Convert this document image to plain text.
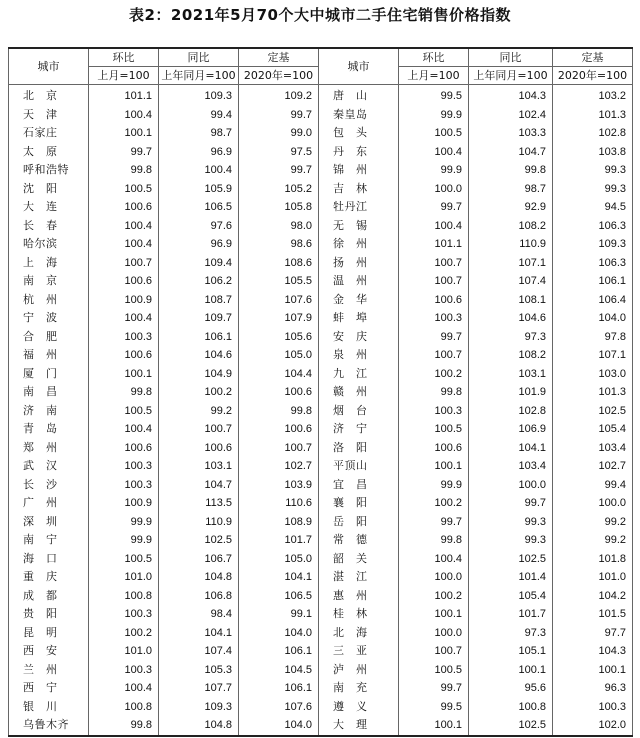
表2：2021年5月70个大中城市二手住宅销售价格指数
城市	环比	同比	定基	城市	环比	同比	定基
	上月=100	上年同月=100	2020年=100		上月=100	上年同月=100	2020年=100
北　京	101.1	109.3	109.2	唐　山	99.5	104.3	103.2
天　津	100.4	99.4	99.7	秦皇岛	99.9	102.4	101.3
石家庄	100.1	98.7	99.0	包　头	100.5	103.3	102.8
太　原	99.7	96.9	97.5	丹　东	100.4	104.7	103.8
呼和浩特	99.8	100.4	99.7	锦　州	99.9	99.8	99.3
沈　阳	100.5	105.9	105.2	吉　林	100.0	98.7	99.3
大　连	100.6	106.5	105.8	牡丹江	99.7	92.9	94.5
长　春	100.4	97.6	98.0	无　锡	100.4	108.2	106.3
哈尔滨	100.4	96.9	98.6	徐　州	101.1	110.9	109.3
上　海	100.7	109.4	108.6	扬　州	100.7	107.1	106.3
南　京	100.6	106.2	105.5	温　州	100.7	107.4	106.1
杭　州	100.9	108.7	107.6	金　华	100.6	108.1	106.4
宁　波	100.4	109.7	107.9	蚌　埠	100.3	104.6	104.0
合　肥	100.3	106.1	105.6	安　庆	99.7	97.3	97.8
福　州	100.6	104.6	105.0	泉　州	100.7	108.2	107.1
厦　门	100.1	104.9	104.4	九　江	100.2	103.1	103.0
南　昌	99.8	100.2	100.6	赣　州	99.8	101.9	101.3
济　南	100.5	99.2	99.8	烟　台	100.3	102.8	102.5
青　岛	100.4	100.7	100.6	济　宁	100.5	106.9	105.4
郑　州	100.6	100.6	100.7	洛　阳	100.6	104.1	103.4
武　汉	100.3	103.1	102.7	平顶山	100.1	103.4	102.7
长　沙	100.3	104.7	103.9	宜　昌	99.9	100.0	99.4
广　州	100.9	113.5	110.6	襄　阳	100.2	99.7	100.0
深　圳	99.9	110.9	108.9	岳　阳	99.7	99.3	99.2
南　宁	99.9	102.5	101.7	常　德	99.8	99.3	99.2
海　口	100.5	106.7	105.0	韶　关	100.4	102.5	101.8
重　庆	101.0	104.8	104.1	湛　江	100.0	101.4	101.0
成　都	100.8	106.8	106.5	惠　州	100.2	105.4	104.2
贵　阳	100.3	98.4	99.1	桂　林	100.1	101.7	101.5
昆　明	100.2	104.1	104.0	北　海	100.0	97.3	97.7
西　安	101.0	107.4	106.1	三　亚	100.7	105.1	104.3
兰　州	100.3	105.3	104.5	泸　州	100.5	100.1	100.1
西　宁	100.4	107.7	106.1	南　充	99.7	95.6	96.3
银　川	100.8	109.3	107.6	遵　义	99.5	100.8	100.3
乌鲁木齐	99.8	104.8	104.0	大　理	100.1	102.5	102.0
